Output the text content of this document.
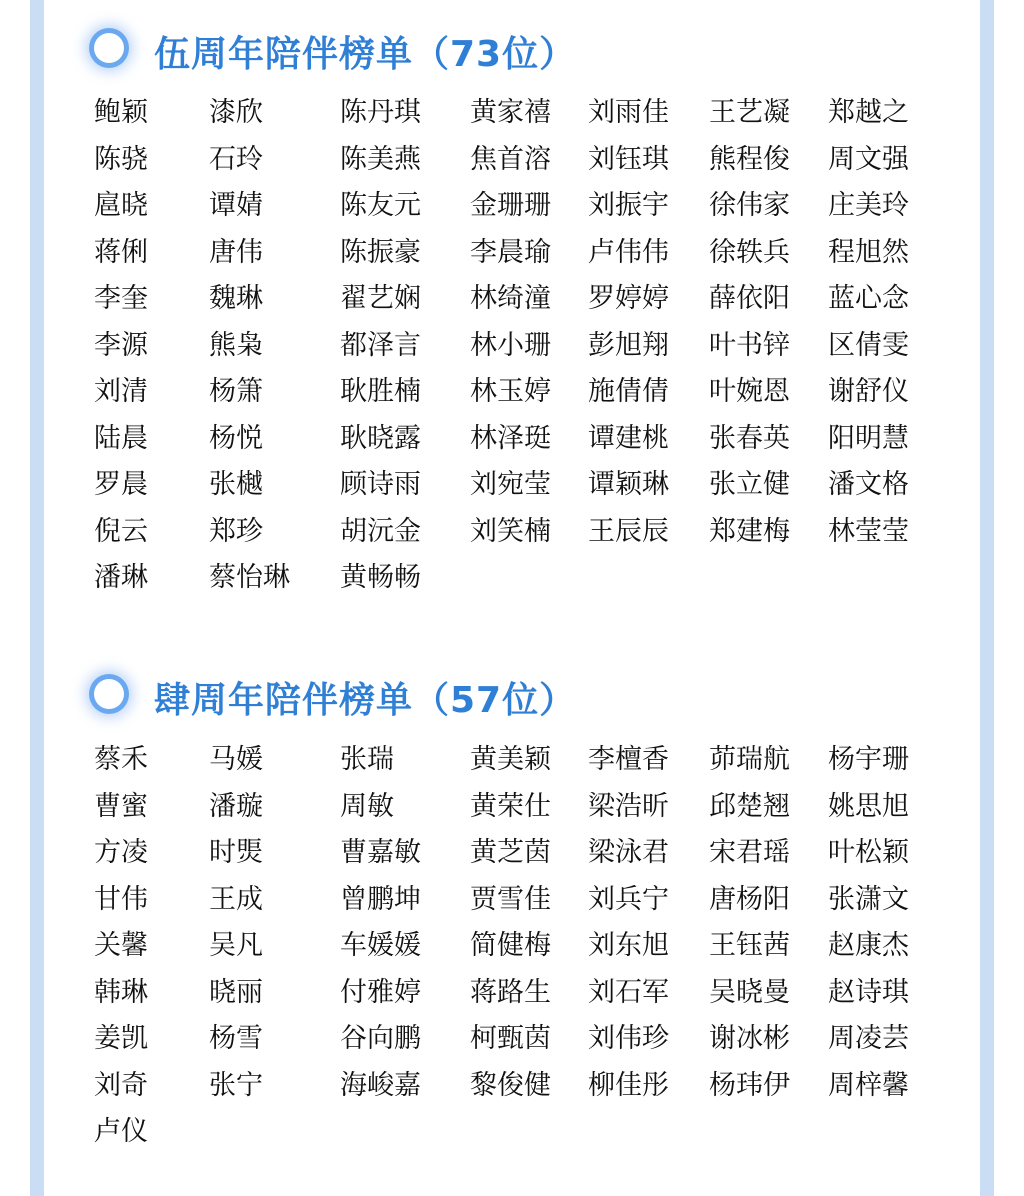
伍周年陪伴榜单（73位）
鲍颖	漆欣	陈丹琪	黄家禧	刘雨佳	王艺凝	郑越之
陈骁	石玲	陈美燕	焦首溶	刘钰琪	熊程俊	周文强
扈晓	谭婧	陈友元	金珊珊	刘振宇	徐伟家	庄美玲
蒋俐	唐伟	陈振豪	李晨瑜	卢伟伟	徐轶兵	程旭然
李奎	魏琳	翟艺娴	林绮潼	罗婷婷	薛依阳	蓝心念
李源	熊枭	都泽言	林小珊	彭旭翔	叶书锌	区倩雯
刘清	杨箫	耿胜楠	林玉婷	施倩倩	叶婉恩	谢舒仪
陆晨	杨悦	耿晓露	林泽珽	谭建桃	张春英	阳明慧
罗晨	张樾	顾诗雨	刘宛莹	谭颖琳	张立健	潘文格
倪云	郑珍	胡沅金	刘笑楠	王辰辰	郑建梅	林莹莹
潘琳	蔡怡琳	黄畅畅
肆周年陪伴榜单（57位）
蔡禾	马媛	张瑞	黄美颖	李檀香	茆瑞航	杨宇珊
曹蜜	潘璇	周敏	黄荣仕	梁浩昕	邱楚翘	姚思旭
方凌	时煚	曹嘉敏	黄芝茵	梁泳君	宋君瑶	叶松颖
甘伟	王成	曾鹏坤	贾雪佳	刘兵宁	唐杨阳	张潇文
关馨	吴凡	车媛媛	简健梅	刘东旭	王钰茜	赵康杰
韩琳	晓丽	付雅婷	蒋路生	刘石军	吴晓曼	赵诗琪
姜凯	杨雪	谷向鹏	柯甄茵	刘伟珍	谢冰彬	周凌芸
刘奇	张宁	海峻嘉	黎俊健	柳佳彤	杨玮伊	周梓馨
卢仪
